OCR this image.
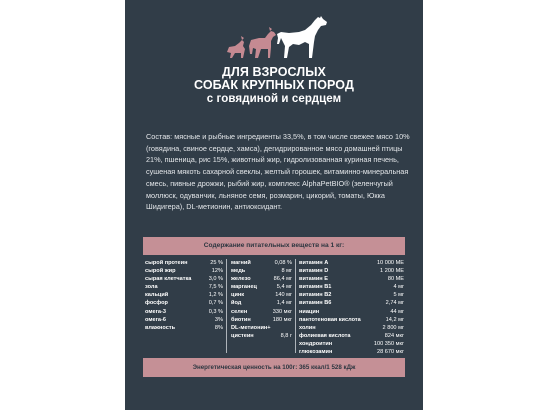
ДЛЯ ВЗРОСЛЫХ
СОБАК КРУПНЫХ ПОРОД
с говядиной и сердцем
Состав: мясные и рыбные ингредиенты 33,5%, в том числе свежее мясо 10% (говядина, свиное сердце, хамса), дегидрированное мясо домашней птицы 21%, пшеница, рис 15%, животный жир, гидролизованная куриная печень, сушеная мякоть сахарной свеклы, желтый горошек, витаминно-минеральная смесь, пивные дрожжи, рыбий жир, комплекс AlphaPetBIO® (зеленчугый моллюск, одуванчик, льняное семя, розмарин, цикорий, томаты, Юкка Шидигера), DL-метионин, антиоксидант.
Содержание питательных веществ на 1 кг:
сырой протеин	25 %
сырой жир	12%
сырая клетчатка	3,0 %
зола	7,5 %
кальций	1,2 %
фосфор	0,7 %
омега-3	0,3 %
омега-6	3%
влажность	8%
магний	0,08 %
медь	8 мг
железо	86,4 мг
марганец	5,4 мг
цинк	140 мг
йод	1,4 мг
селен	330 мкг
биотин	180 мкг
DL-метионин+
цистеин	8,8 г
витамин А	10 000 МЕ
витамин D	1 200 МЕ
витамин Е	80 МЕ
витамин В1	4 мг
витамин В2	5 мг
витамин В6	2,74 мг
ниацин	44 мг
пантотеновая кислота	14,2 мг
холин	2 800 мг
фолиевая кислота	824 мкг
хондроитин	100 350 мкг
глюкозамин	28 670 мкг
Энергетическая ценность на 100г: 365 ккал/1 528 кДж
